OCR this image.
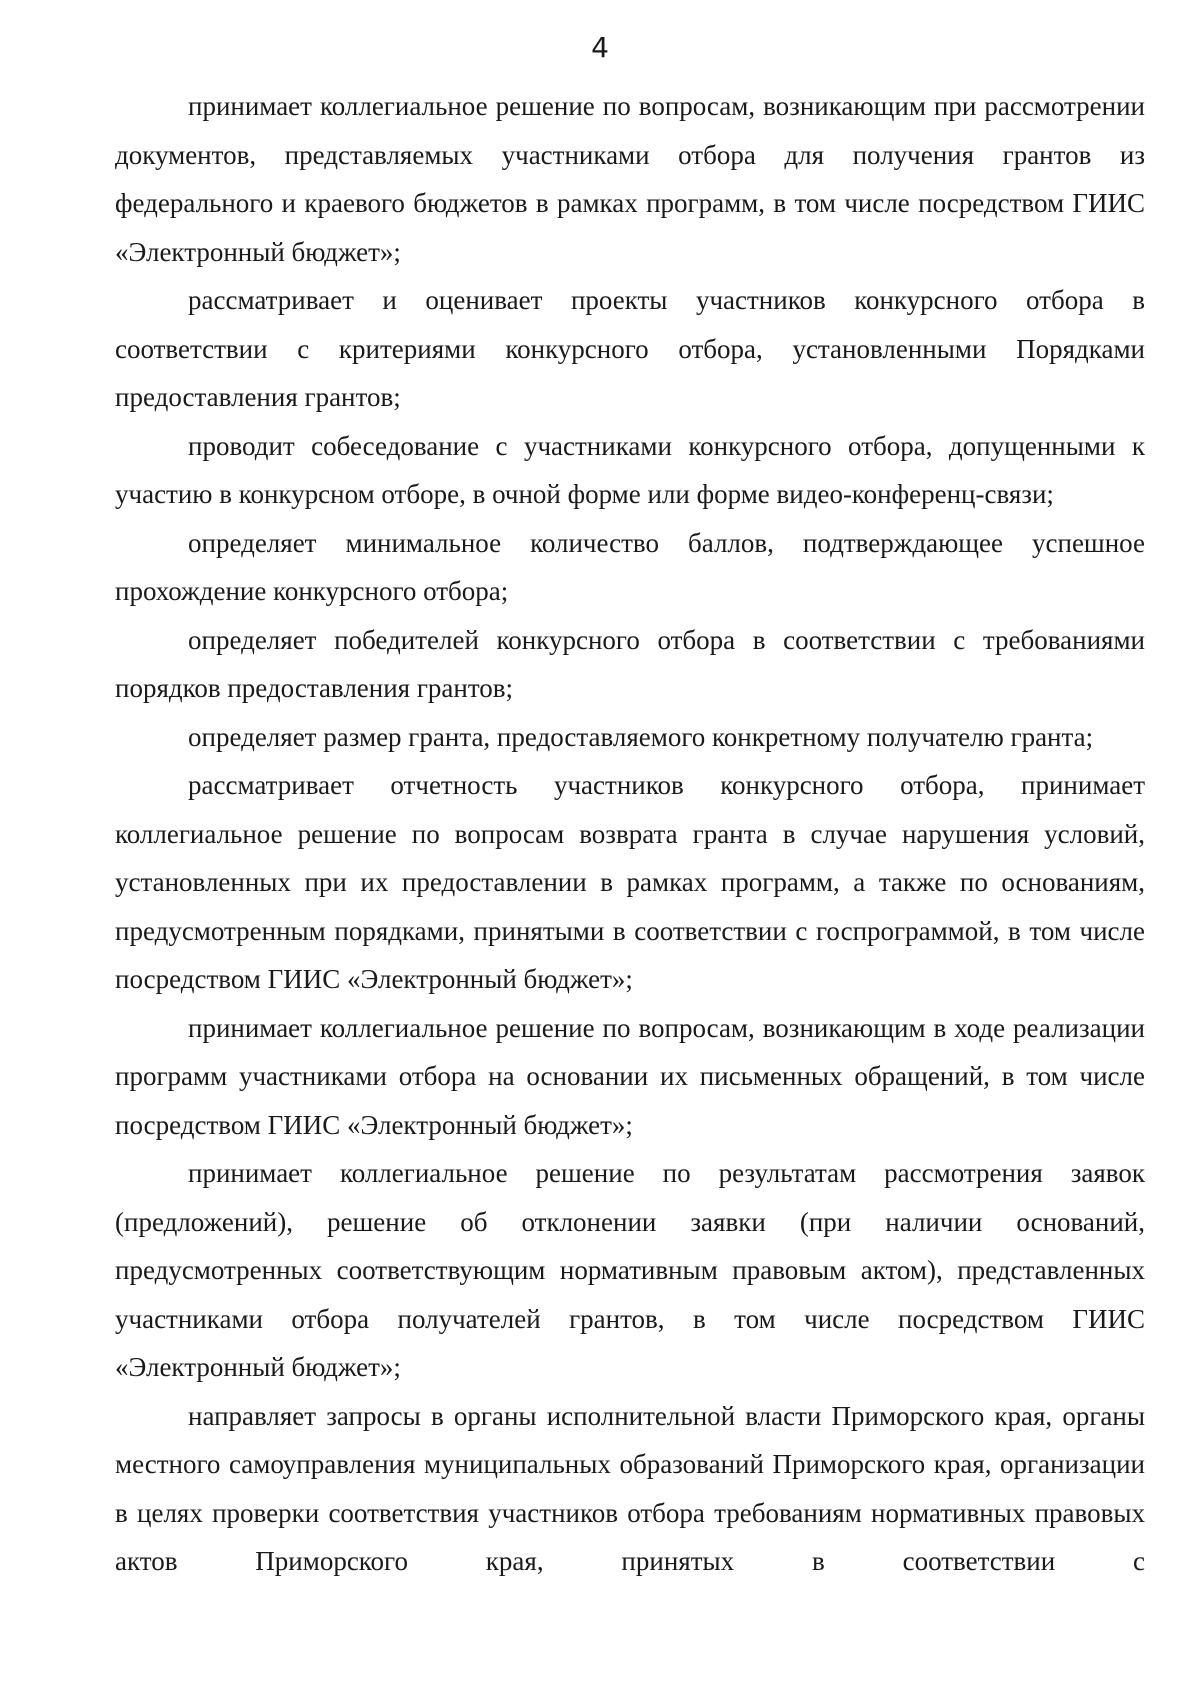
4

принимает коллегиальное решение по вопросам, возникающим при рассмотрении документов, представляемых участниками отбора для получения грантов из федерального и краевого бюджетов в рамках программ, в том числе посредством ГИИС «Электронный бюджет»;

рассматривает и оценивает проекты участников конкурсного отбора в соответствии с критериями конкурсного отбора, установленными Порядками предоставления грантов;

проводит собеседование с участниками конкурсного отбора, допущенными к участию в конкурсном отборе, в очной форме или форме видео-конференц-связи;

определяет минимальное количество баллов, подтверждающее успешное прохождение конкурсного отбора;

определяет победителей конкурсного отбора в соответствии с требованиями порядков предоставления грантов;

определяет размер гранта, предоставляемого конкретному получателю гранта;

рассматривает отчетность участников конкурсного отбора, принимает коллегиальное решение по вопросам возврата гранта в случае нарушения условий, установленных при их предоставлении в рамках программ, а также по основаниям, предусмотренным порядками, принятыми в соответствии с госпрограммой, в том числе посредством ГИИС «Электронный бюджет»;

принимает коллегиальное решение по вопросам, возникающим в ходе реализации программ участниками отбора на основании их письменных обращений, в том числе посредством ГИИС «Электронный бюджет»;

принимает коллегиальное решение по результатам рассмотрения заявок (предложений), решение об отклонении заявки (при наличии оснований, предусмотренных соответствующим нормативным правовым актом), представленных участниками отбора получателей грантов, в том числе посредством ГИИС «Электронный бюджет»;

направляет запросы в органы исполнительной власти Приморского края, органы местного самоуправления муниципальных образований Приморского края, организации в целях проверки соответствия участников отбора требованиям нормативных правовых актов Приморского края, принятых в соответствии с
